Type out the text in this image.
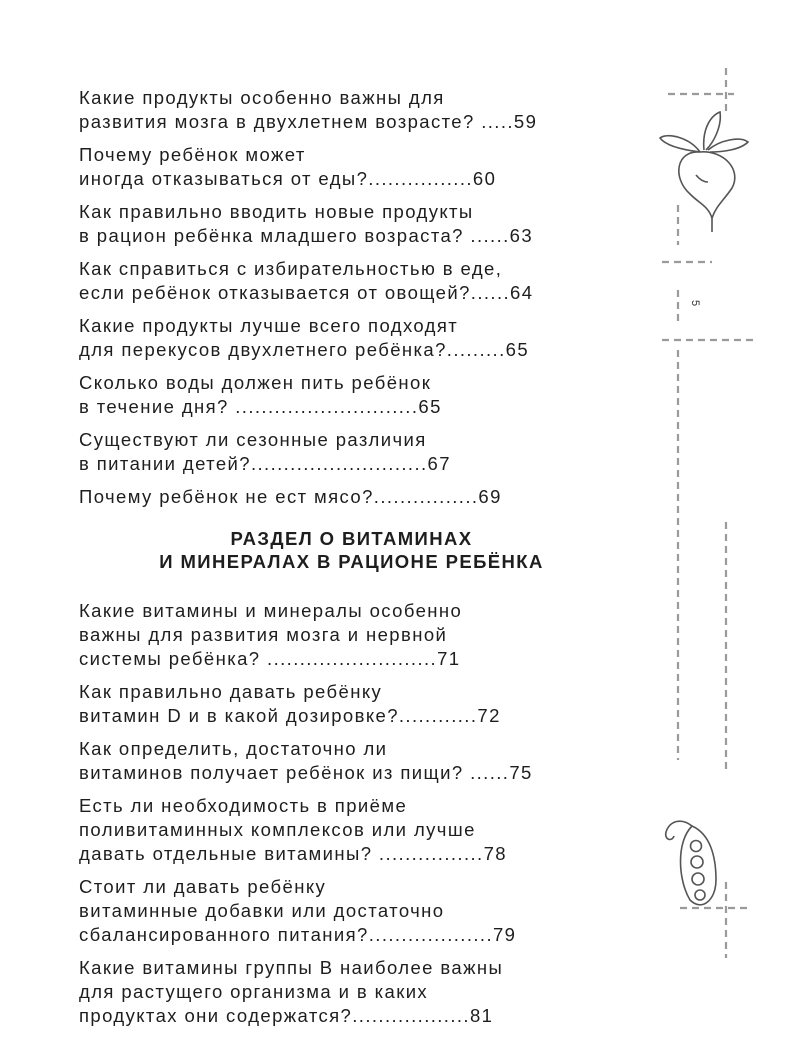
5
Какие продукты особенно важны для
развития мозга в двухлетнем возрасте? .....59
Почему ребёнок может
иногда отказываться от еды?................60
Как правильно вводить новые продукты
в рацион ребёнка младшего возраста? ......63
Как справиться с избирательностью в еде,
если ребёнок отказывается от овощей?......64
Какие продукты лучше всего подходят
для перекусов двухлетнего ребёнка?.........65
Сколько воды должен пить ребёнок
в течение дня? ............................65
Существуют ли сезонные различия
в питании детей?...........................67
Почему ребёнок не ест мясо?................69
РАЗДЕЛ О ВИТАМИНАХ
И МИНЕРАЛАХ В РАЦИОНЕ РЕБЁНКА
Какие витамины и минералы особенно
важны для развития мозга и нервной
системы ребёнка? ..........................71
Как правильно давать ребёнку
витамин D и в какой дозировке?............72
Как определить, достаточно ли
витаминов получает ребёнок из пищи? ......75
Есть ли необходимость в приёме
поливитаминных комплексов или лучше
давать отдельные витамины? ................78
Стоит ли давать ребёнку
витаминные добавки или достаточно
сбалансированного питания?...................79
Какие витамины группы В наиболее важны
для растущего организма и в каких
продуктах они содержатся?..................81
